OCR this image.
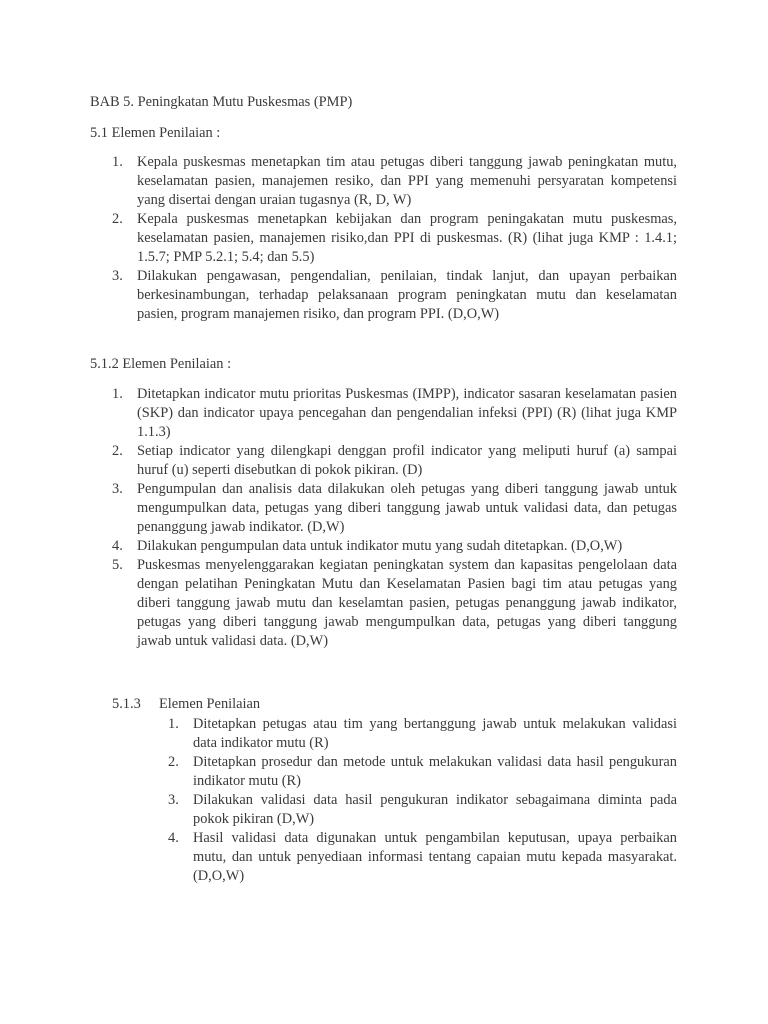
BAB 5. Peningkatan Mutu Puskesmas (PMP)
5.1 Elemen Penilaian :
1. Kepala puskesmas menetapkan tim atau petugas diberi tanggung jawab peningkatan mutu, keselamatan pasien, manajemen resiko, dan PPI yang memenuhi persyaratan kompetensi yang disertai dengan uraian tugasnya (R, D, W)
2. Kepala puskesmas menetapkan kebijakan dan program peningakatan mutu puskesmas, keselamatan pasien, manajemen risiko,dan PPI di puskesmas. (R) (lihat juga KMP : 1.4.1; 1.5.7; PMP 5.2.1; 5.4; dan 5.5)
3. Dilakukan pengawasan, pengendalian, penilaian, tindak lanjut, dan upayan perbaikan berkesinambungan, terhadap pelaksanaan program peningkatan mutu dan keselamatan pasien, program manajemen risiko, dan program PPI. (D,O,W)
5.1.2 Elemen Penilaian :
1. Ditetapkan indicator mutu prioritas Puskesmas (IMPP), indicator sasaran keselamatan pasien (SKP) dan indicator upaya pencegahan dan pengendalian infeksi (PPI) (R) (lihat juga KMP 1.1.3)
2. Setiap indicator yang dilengkapi denggan profil indicator yang meliputi huruf (a) sampai huruf (u) seperti disebutkan di pokok pikiran. (D)
3. Pengumpulan dan analisis data dilakukan oleh petugas yang diberi tanggung jawab untuk mengumpulkan data, petugas yang diberi tanggung jawab untuk validasi data, dan petugas penanggung jawab indikator. (D,W)
4. Dilakukan pengumpulan data untuk indikator mutu yang sudah ditetapkan. (D,O,W)
5. Puskesmas menyelenggarakan kegiatan peningkatan system dan kapasitas pengelolaan data dengan pelatihan Peningkatan Mutu dan Keselamatan Pasien bagi tim atau petugas yang diberi tanggung jawab mutu dan keselamtan pasien, petugas penanggung jawab indikator, petugas yang diberi tanggung jawab mengumpulkan data, petugas yang diberi tanggung jawab untuk validasi data. (D,W)
5.1.3 Elemen Penilaian
1. Ditetapkan petugas atau tim yang bertanggung jawab untuk melakukan validasi data indikator mutu (R)
2. Ditetapkan prosedur dan metode untuk melakukan validasi data hasil pengukuran indikator mutu (R)
3. Dilakukan validasi data hasil pengukuran indikator sebagaimana diminta pada pokok pikiran (D,W)
4. Hasil validasi data digunakan untuk pengambilan keputusan, upaya perbaikan mutu, dan untuk penyediaan informasi tentang capaian mutu kepada masyarakat. (D,O,W)
